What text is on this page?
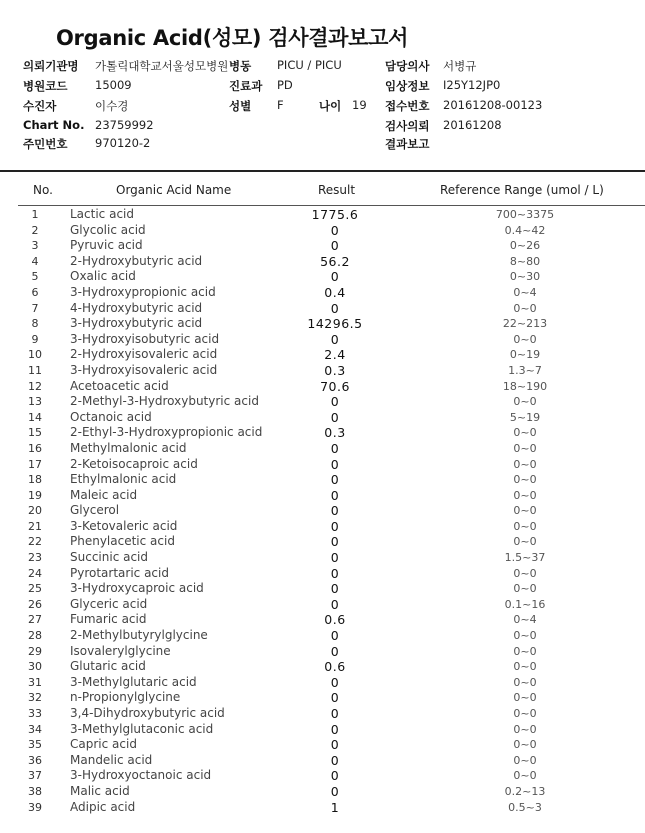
Organic Acid(성모) 검사결과보고서
의뢰기관명 가톨릭대학교서울성모병원 병동 PICU / PICU	담당의사 서병규
병원코드 15009	진료과 PD	임상정보 I25Y12JP0
수진자	이수경	성별 F	나이 19 접수번호 20161208-00123
Chart No. 23759992	검사의뢰 20161208
주민번호 970120-2	결과보고
No.	Organic Acid Name	Result	Reference Range (umol / L)
1	Lactic acid	1775.6	700~3375
2	Glycolic acid	0	0.4~42
3	Pyruvic acid	0	0~26
4	2-Hydroxybutyric acid	56.2	8~80
5	Oxalic acid	0	0~30
6	3-Hydroxypropionic acid	0.4	0~4
7	4-Hydroxybutyric acid	0	0~0
8	3-Hydroxybutyric acid	14296.5	22~213
9	3-Hydroxyisobutyric acid	0	0~0
10	2-Hydroxyisovaleric acid	2.4	0~19
11	3-Hydroxyisovaleric acid	0.3	1.3~7
12	Acetoacetic acid	70.6	18~190
13	2-Methyl-3-Hydroxybutyric acid	0	0~0
14	Octanoic acid	0	5~19
15	2-Ethyl-3-Hydroxypropionic acid	0.3	0~0
16	Methylmalonic acid	0	0~0
17	2-Ketoisocaproic acid	0	0~0
18	Ethylmalonic acid	0	0~0
19	Maleic acid	0	0~0
20	Glycerol	0	0~0
21	3-Ketovaleric acid	0	0~0
22	Phenylacetic acid	0	0~0
23	Succinic acid	0	1.5~37
24	Pyrotartaric acid	0	0~0
25	3-Hydroxycaproic acid	0	0~0
26	Glyceric acid	0	0.1~16
27	Fumaric acid	0.6	0~4
28	2-Methylbutyrylglycine	0	0~0
29	Isovalerylglycine	0	0~0
30	Glutaric acid	0.6	0~0
31	3-Methylglutaric acid	0	0~0
32	n-Propionylglycine	0	0~0
33	3,4-Dihydroxybutyric acid	0	0~0
34	3-Methylglutaconic acid	0	0~0
35	Capric acid	0	0~0
36	Mandelic acid	0	0~0
37	3-Hydroxyoctanoic acid	0	0~0
38	Malic acid	0	0.2~13
39	Adipic acid	1	0.5~3
